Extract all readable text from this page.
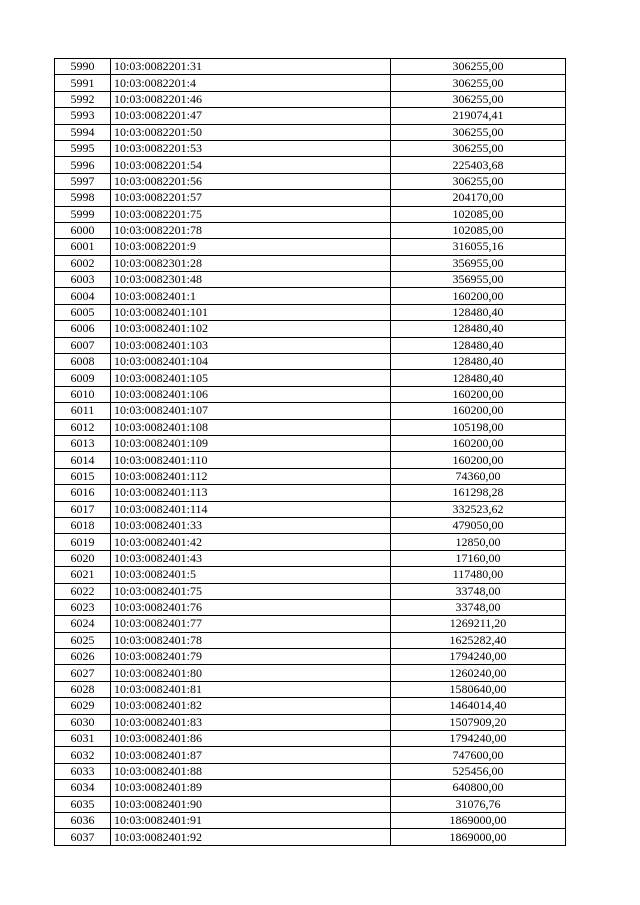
5990	10:03:0082201:31	306255,00
5991	10:03:0082201:4	306255,00
5992	10:03:0082201:46	306255,00
5993	10:03:0082201:47	219074,41
5994	10:03:0082201:50	306255,00
5995	10:03:0082201:53	306255,00
5996	10:03:0082201:54	225403,68
5997	10:03:0082201:56	306255,00
5998	10:03:0082201:57	204170,00
5999	10:03:0082201:75	102085,00
6000	10:03:0082201:78	102085,00
6001	10:03:0082201:9	316055,16
6002	10:03:0082301:28	356955,00
6003	10:03:0082301:48	356955,00
6004	10:03:0082401:1	160200,00
6005	10:03:0082401:101	128480,40
6006	10:03:0082401:102	128480,40
6007	10:03:0082401:103	128480,40
6008	10:03:0082401:104	128480,40
6009	10:03:0082401:105	128480,40
6010	10:03:0082401:106	160200,00
6011	10:03:0082401:107	160200,00
6012	10:03:0082401:108	105198,00
6013	10:03:0082401:109	160200,00
6014	10:03:0082401:110	160200,00
6015	10:03:0082401:112	74360,00
6016	10:03:0082401:113	161298,28
6017	10:03:0082401:114	332523,62
6018	10:03:0082401:33	479050,00
6019	10:03:0082401:42	12850,00
6020	10:03:0082401:43	17160,00
6021	10:03:0082401:5	117480,00
6022	10:03:0082401:75	33748,00
6023	10:03:0082401:76	33748,00
6024	10:03:0082401:77	1269211,20
6025	10:03:0082401:78	1625282,40
6026	10:03:0082401:79	1794240,00
6027	10:03:0082401:80	1260240,00
6028	10:03:0082401:81	1580640,00
6029	10:03:0082401:82	1464014,40
6030	10:03:0082401:83	1507909,20
6031	10:03:0082401:86	1794240,00
6032	10:03:0082401:87	747600,00
6033	10:03:0082401:88	525456,00
6034	10:03:0082401:89	640800,00
6035	10:03:0082401:90	31076,76
6036	10:03:0082401:91	1869000,00
6037	10:03:0082401:92	1869000,00
